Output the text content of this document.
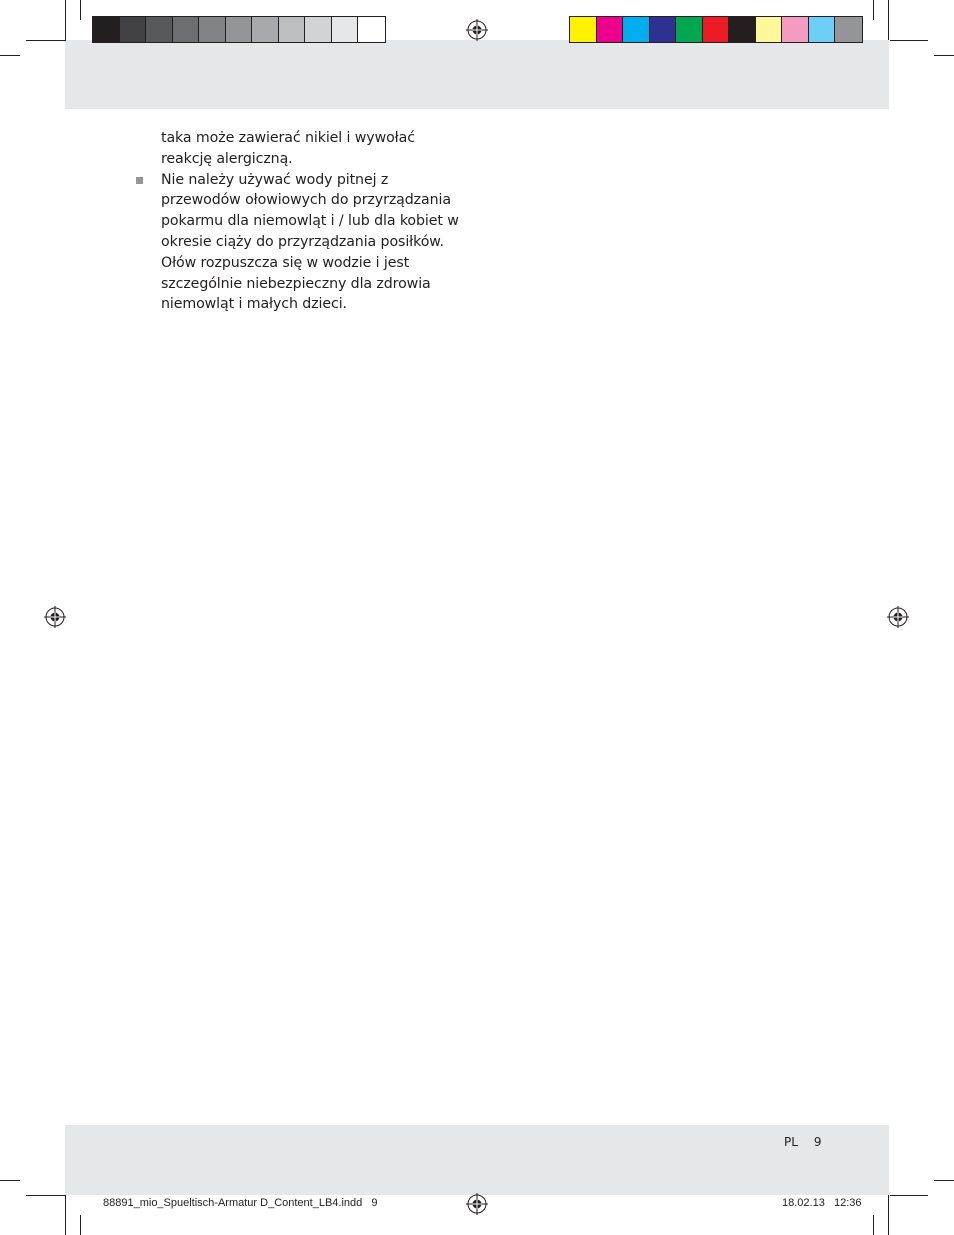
taka może zawierać nikiel i wywołać reakcję alergiczną.

Nie należy używać wody pitnej z przewodów ołowiowych do przyrządzania pokarmu dla niemowląt i / lub dla kobiet w okresie ciąży do przyrządzania posiłków. Ołów rozpuszcza się w wodzie i jest szczególnie niebezpieczny dla zdrowia niemowląt i małych dzieci.

PL 9
88891_mio_Spueltisch-Armatur D_Content_LB4.indd   9	18.02.13   12:36
